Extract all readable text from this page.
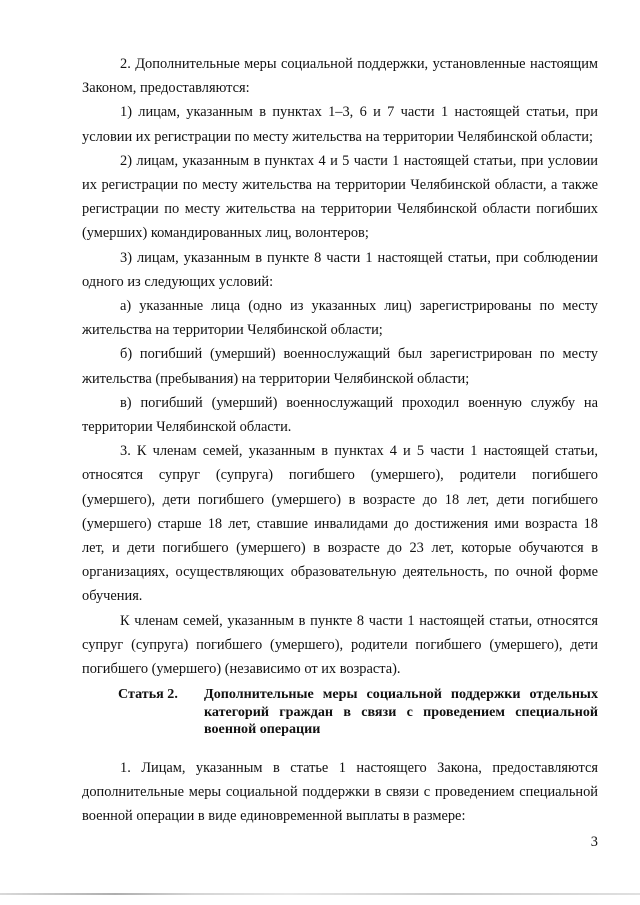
2. Дополнительные меры социальной поддержки, установленные настоящим Законом, предоставляются:

1) лицам, указанным в пунктах 1–3, 6 и 7 части 1 настоящей статьи, при условии их регистрации по месту жительства на территории Челябинской области;

2) лицам, указанным в пунктах 4 и 5 части 1 настоящей статьи, при условии их регистрации по месту жительства на территории Челябинской области, а также регистрации по месту жительства на территории Челябинской области погибших (умерших) командированных лиц, волонтеров;

3) лицам, указанным в пункте 8 части 1 настоящей статьи, при соблюдении одного из следующих условий:

а) указанные лица (одно из указанных лиц) зарегистрированы по месту жительства на территории Челябинской области;

б) погибший (умерший) военнослужащий был зарегистрирован по месту жительства (пребывания) на территории Челябинской области;

в) погибший (умерший) военнослужащий проходил военную службу на территории Челябинской области.

3. К членам семей, указанным в пунктах 4 и 5 части 1 настоящей статьи, относятся супруг (супруга) погибшего (умершего), родители погибшего (умершего), дети погибшего (умершего) в возрасте до 18 лет, дети погибшего (умершего) старше 18 лет, ставшие инвалидами до достижения ими возраста 18 лет, и дети погибшего (умершего) в возрасте до 23 лет, которые обучаются в организациях, осуществляющих образовательную деятельность, по очной форме обучения.

К членам семей, указанным в пункте 8 части 1 настоящей статьи, относятся супруг (супруга) погибшего (умершего), родители погибшего (умершего), дети погибшего (умершего) (независимо от их возраста).

Статья 2.	Дополнительные меры социальной поддержки отдельных категорий граждан в связи с проведением специальной военной операции

1. Лицам, указанным в статье 1 настоящего Закона, предоставляются дополнительные меры социальной поддержки в связи с проведением специальной военной операции в виде единовременной выплаты в размере:

3
